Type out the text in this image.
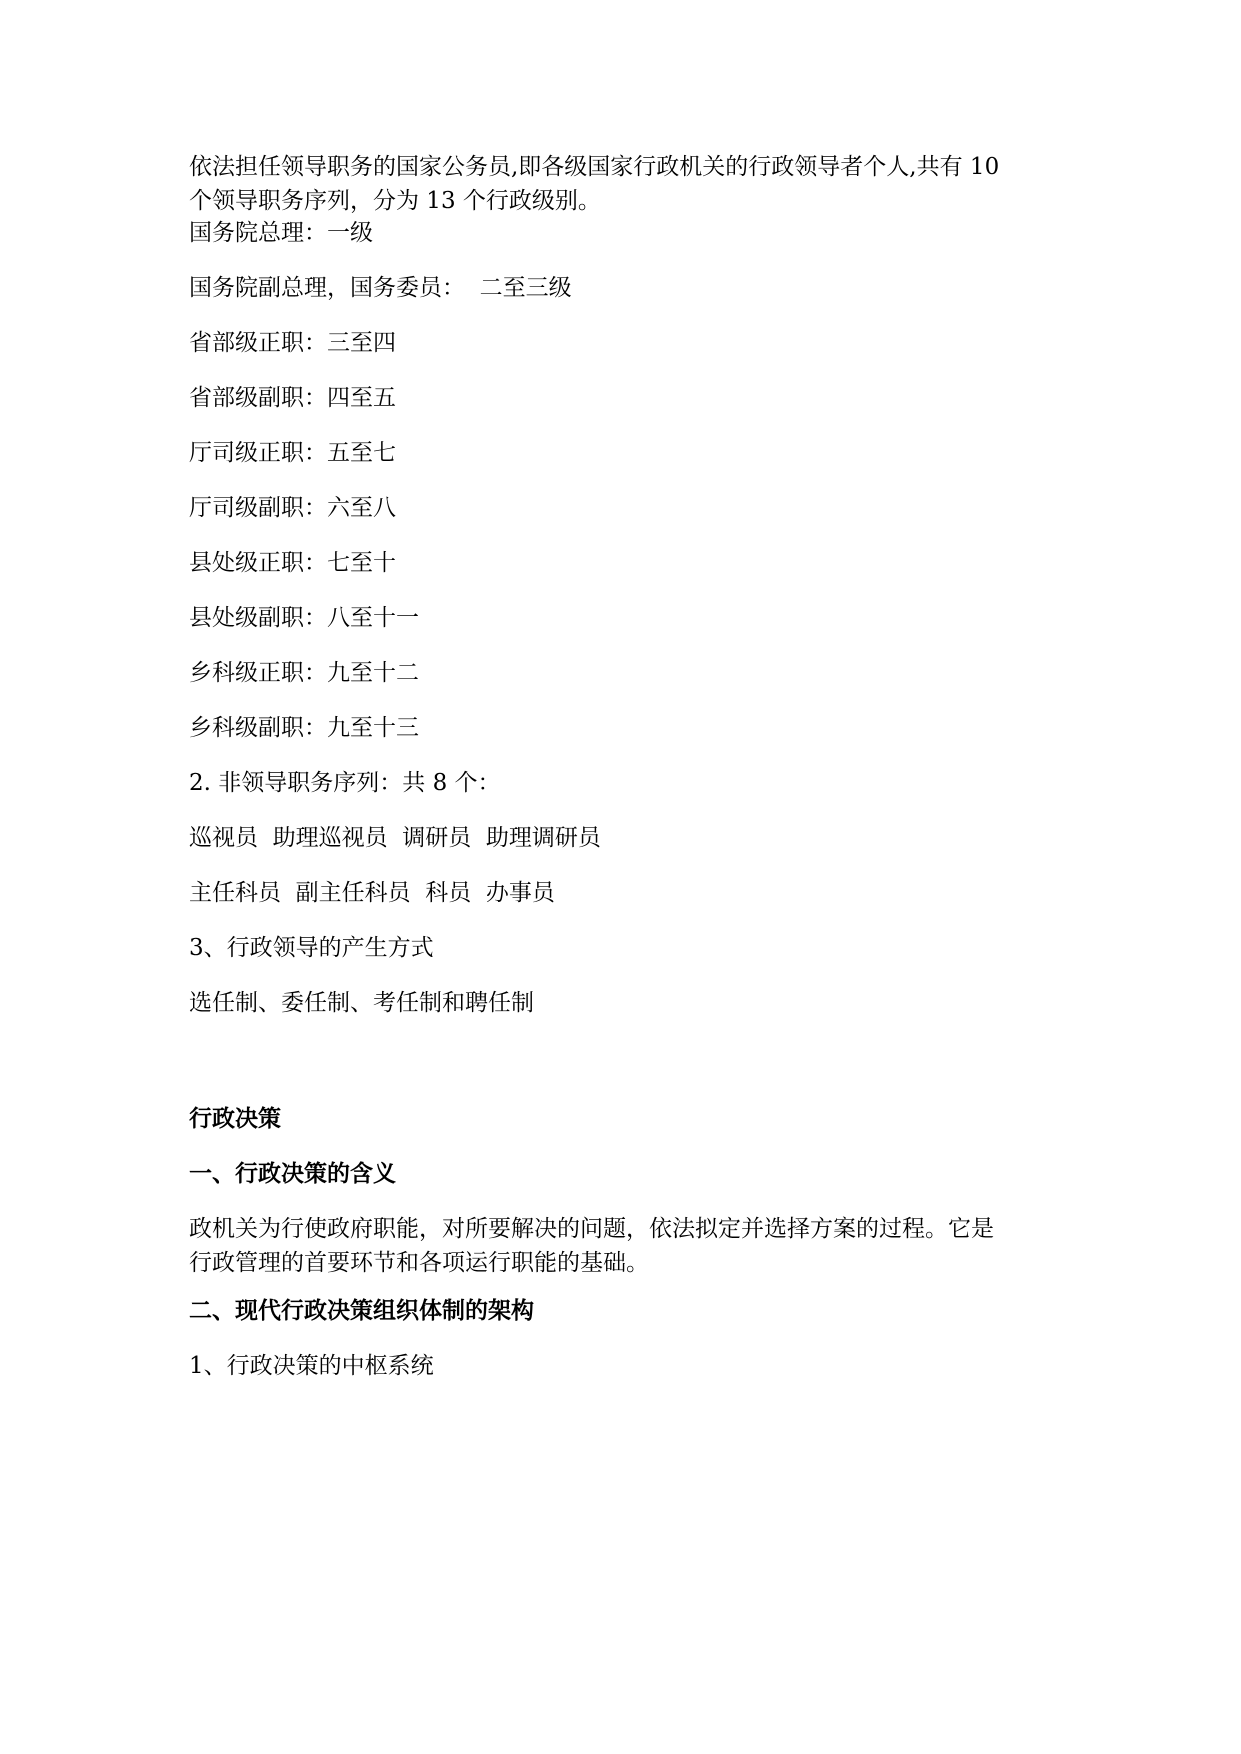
依法担任领导职务的国家公务员,即各级国家行政机关的行政领导者个人,共有 10
个领导职务序列，分为 13 个行政级别。

国务院总理：一级

国务院副总理，国务委员：  二至三级

省部级正职：三至四

省部级副职：四至五

厅司级正职：五至七

厅司级副职：六至八

县处级正职：七至十

县处级副职：八至十一

乡科级正职：九至十二

乡科级副职：九至十三

2. 非领导职务序列：共 8 个：

巡视员  助理巡视员  调研员  助理调研员

主任科员  副主任科员  科员  办事员

3、行政领导的产生方式

选任制、委任制、考任制和聘任制

行政决策

一、行政决策的含义

政机关为行使政府职能，对所要解决的问题，依法拟定并选择方案的过程。它是
行政管理的首要环节和各项运行职能的基础。

二、现代行政决策组织体制的架构

1、行政决策的中枢系统
